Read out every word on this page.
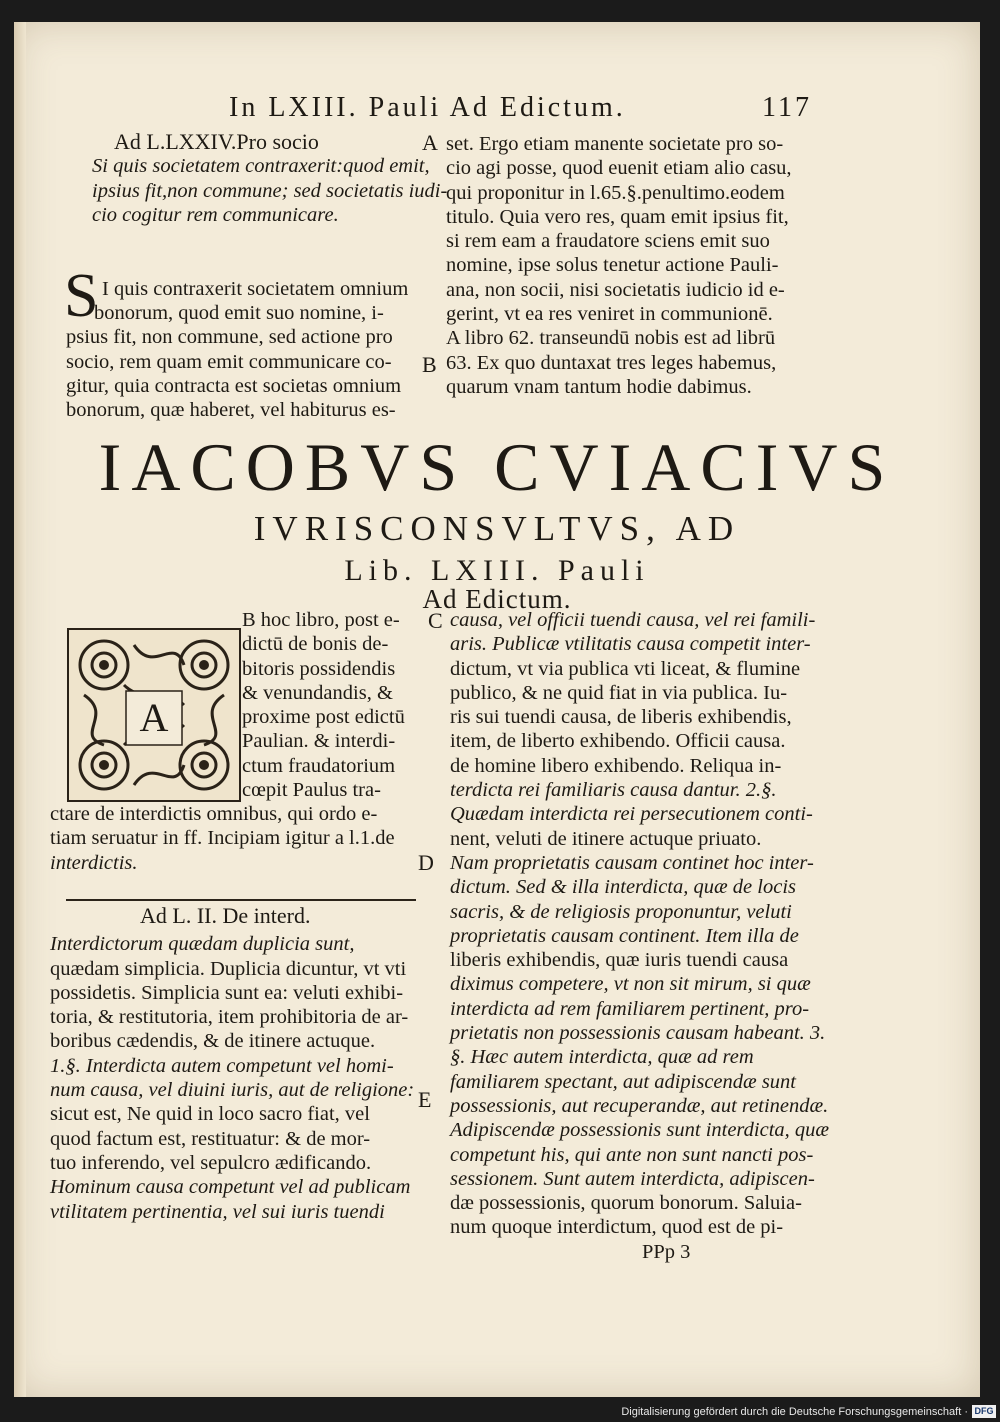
In LXIII. Pauli Ad Edictum.	117
Ad L.LXXIV.Pro socio
Si quis societatem contraxerit:quod emit,
ipsius fit,non commune; sed societatis iudi-
cio cogitur rem communicare.
S I quis contraxerit societatem omnium
bonorum, quod emit suo nomine, i-
psius fit, non commune, sed actione pro
socio, rem quam emit communicare co-
gitur, quia contracta est societas omnium
bonorum, quæ haberet, vel habiturus es-
A
B
C
D
E
set. Ergo etiam manente societate pro so-
cio agi posse, quod euenit etiam alio casu,
qui proponitur in l.65.§.penultimo.eodem
titulo. Quia vero res, quam emit ipsius fit,
si rem eam a fraudatore sciens emit suo
nomine, ipse solus tenetur actione Pauli-
ana, non socii, nisi societatis iudicio id e-
gerint, vt ea res veniret in communionē.
A libro 62. transeundū nobis est ad librū
63. Ex quo duntaxat tres leges habemus,
quarum vnam tantum hodie dabimus.
IACOBVS CVIACIVS
IVRISCONSVLTVS, AD
Lib. LXIII. Pauli
Ad Edictum.
A
B hoc libro, post e-
dictū de bonis de-
bitoris possidendis
& venundandis, &
proxime post edictū
Paulian. & interdi-
ctum fraudatorium
cœpit Paulus tra-
ctare de interdictis omnibus, qui ordo e-
tiam seruatur in ff. Incipiam igitur a l.1.de
interdictis.
Ad L. II. De interd.
Interdictorum quædam duplicia sunt,
quædam simplicia. Duplicia dicuntur, vt vti
possidetis. Simplicia sunt ea: veluti exhibi-
toria, & restitutoria, item prohibitoria de ar-
boribus cædendis, & de itinere actuque.
1.§. Interdicta autem competunt vel homi-
num causa, vel diuini iuris, aut de religione:
sicut est, Ne quid in loco sacro fiat, vel
quod factum est, restituatur: & de mor-
tuo inferendo, vel sepulcro ædificando.
Hominum causa competunt vel ad publicam
vtilitatem pertinentia, vel sui iuris tuendi
causa, vel officii tuendi causa, vel rei famili-
aris. Publicæ vtilitatis causa competit inter-
dictum, vt via publica vti liceat, & flumine
publico, & ne quid fiat in via publica. Iu-
ris sui tuendi causa, de liberis exhibendis,
item, de liberto exhibendo. Officii causa.
de homine libero exhibendo. Reliqua in-
terdicta rei familiaris causa dantur. 2.§.
Quædam interdicta rei persecutionem conti-
nent, veluti de itinere actuque priuato.
Nam proprietatis causam continet hoc inter-
dictum. Sed & illa interdicta, quæ de locis
sacris, & de religiosis proponuntur, veluti
proprietatis causam continent. Item illa de
liberis exhibendis, quæ iuris tuendi causa
diximus competere, vt non sit mirum, si quæ
interdicta ad rem familiarem pertinent, pro-
prietatis non possessionis causam habeant. 3.
§. Hæc autem interdicta, quæ ad rem
familiarem spectant, aut adipiscendæ sunt
possessionis, aut recuperandæ, aut retinendæ.
Adipiscendæ possessionis sunt interdicta, quæ
competunt his, qui ante non sunt nancti pos-
sessionem. Sunt autem interdicta, adipiscen-
dæ possessionis, quorum bonorum. Saluia-
num quoque interdictum, quod est de pi-
PPp 3
Digitalisierung gefördert durch die Deutsche Forschungsgemeinschaft · DFG
